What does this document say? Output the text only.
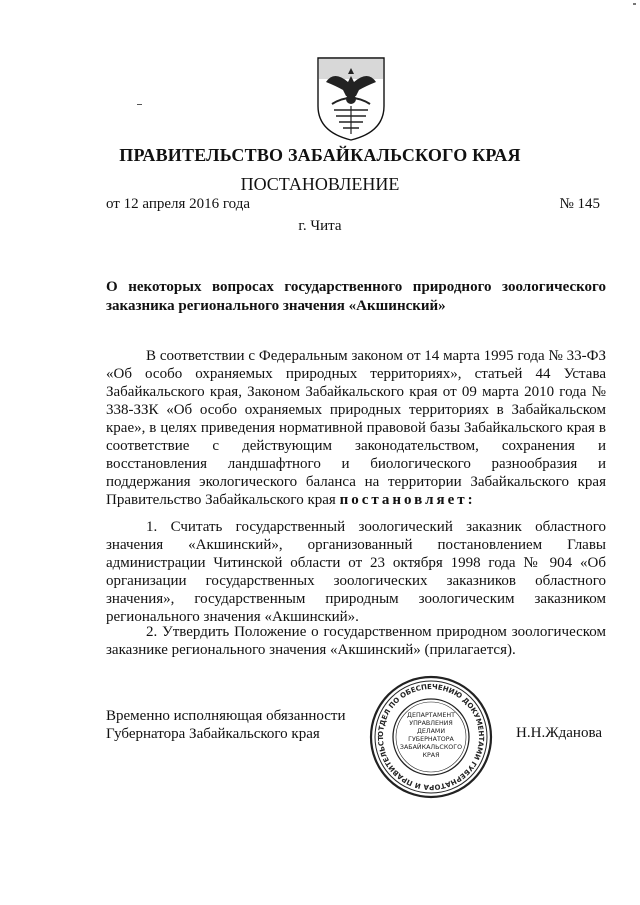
ПРАВИТЕЛЬСТВО ЗАБАЙКАЛЬСКОГО КРАЯ
ПОСТАНОВЛЕНИЕ
от 12 апреля 2016 года	№ 145
г. Чита
О некоторых вопросах государственного природного зоологического заказника регионального значения «Акшинский»

В соответствии с Федеральным законом от 14 марта 1995 года № 33-ФЗ «Об особо охраняемых природных территориях», статьей 44 Устава Забайкальского края, Законом Забайкальского края от 09 марта 2010 года № 338-ЗЗК «Об особо охраняемых природных территориях в Забайкальском крае», в целях приведения нормативной правовой базы Забайкальского края в соответствие с действующим законодательством, сохранения и восстановления ландшафтного и биологического разнообразия и поддержания экологического баланса на территории Забайкальского края Правительство Забайкальского края постановляет:

1. Считать государственный зоологический заказник областного значения «Акшинский», организованный постановлением Главы администрации Читинской области от 23 октября 1998 года № 904 «Об организации государственных зоологических заказников областного значения», государственным природным зоологическим заказником регионального значения «Акшинский».

2. Утвердить Положение о государственном природном зоологическом заказнике регионального значения «Акшинский» (прилагается).

Временно исполняющая обязанности
Губернатора Забайкальского края	Н.Н.Жданова
ОТДЕЛ ПО ОБЕСПЕЧЕНИЮ ДОКУМЕНТАМИ ГУБЕРНАТОРА И ПРАВИТЕЛЬСТ
ДЕПАРТАМЕНТ
УПРАВЛЕНИЯ
ДЕЛАМИ
ГУБЕРНАТОРА
ЗАБАЙКАЛЬСКОГО
КРАЯ
